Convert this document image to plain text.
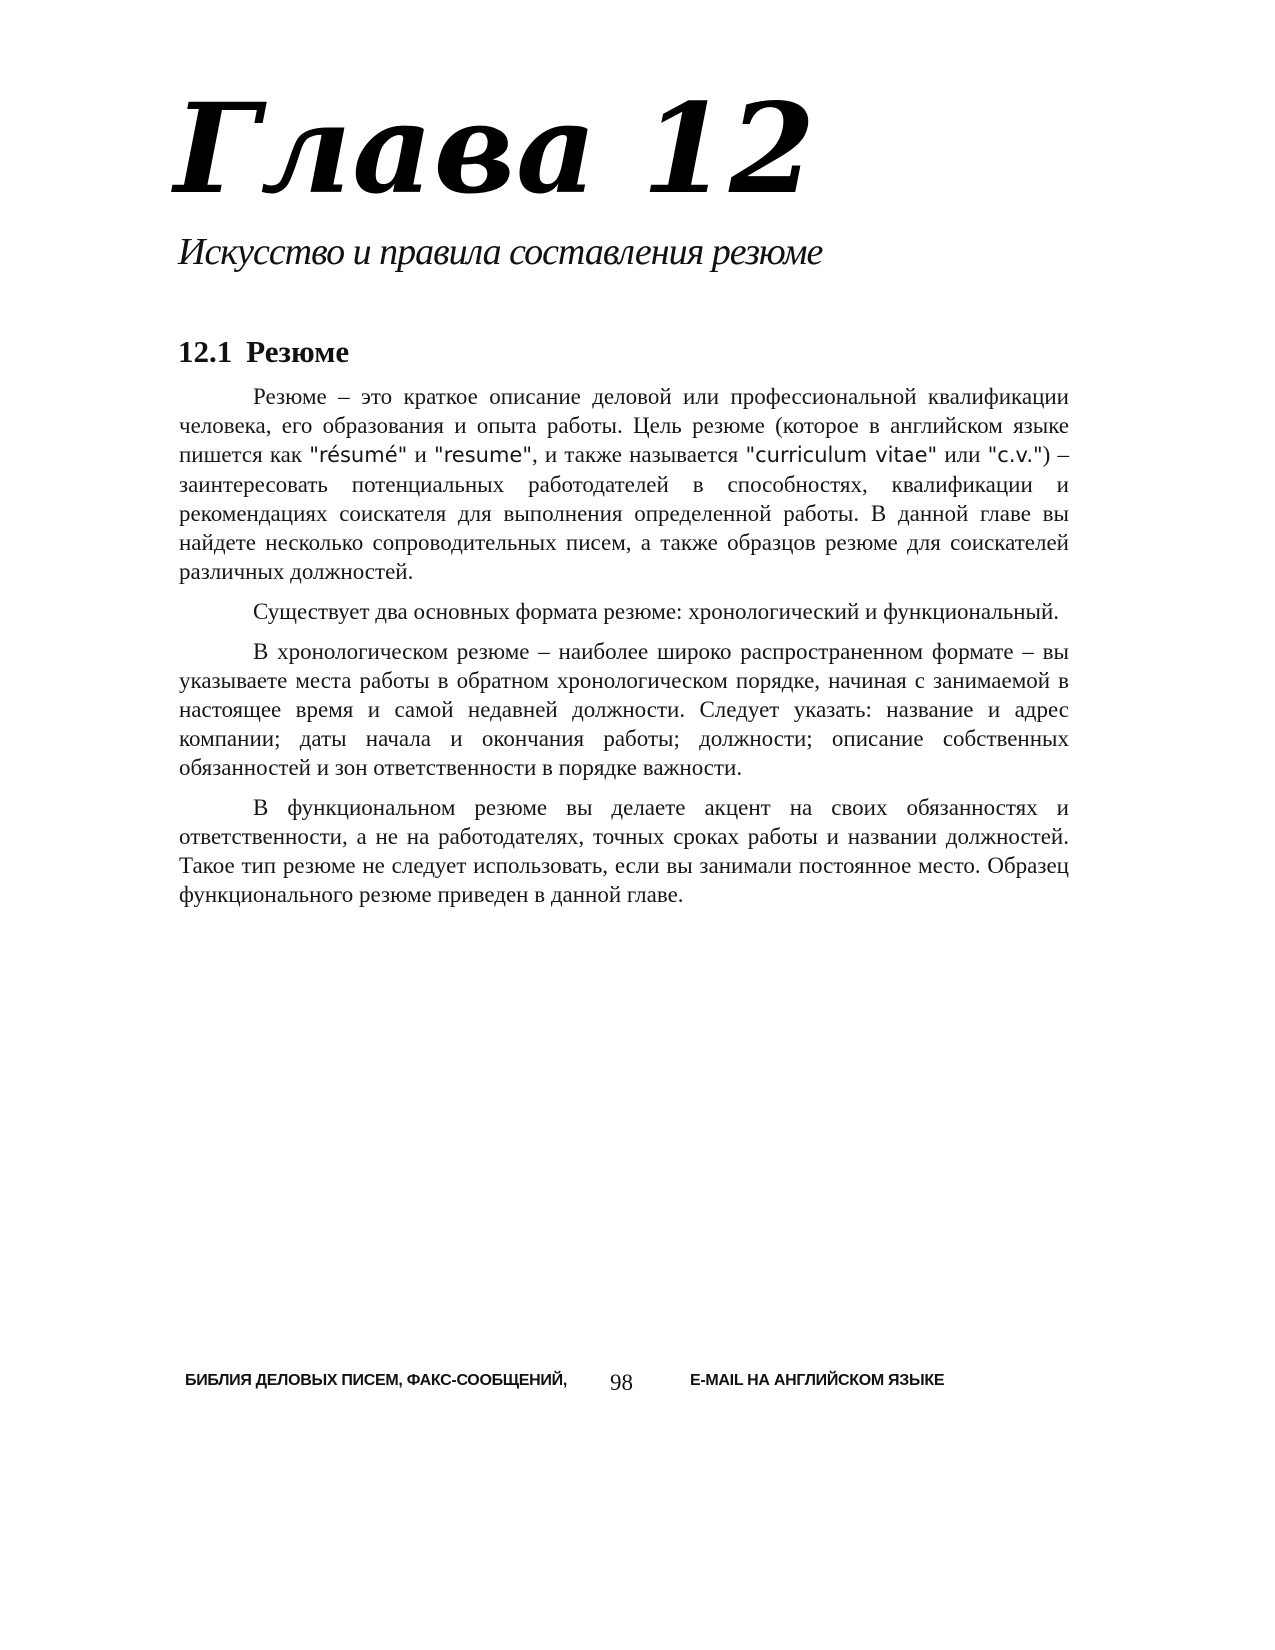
Глава 12
Искусство и правила составления резюме
12.1 Резюме

Резюме – это краткое описание деловой или профессиональной квалификации человека, его образования и опыта работы. Цель резюме (которое в английском языке пишется как "résumé" и "resume", и также называется "curriculum vitae" или "c.v.") – заинтересовать потенциальных работодателей в способностях, квалификации и рекомендациях соискателя для выполнения определенной работы. В данной главе вы найдете несколько сопроводительных писем, а также образцов резюме для соискателей различных должностей.

Существует два основных формата резюме: хронологический и функциональный.

В хронологическом резюме – наиболее широко распространенном формате – вы указываете места работы в обратном хронологическом порядке, начиная с занимаемой в настоящее время и самой недавней должности. Следует указать: название и адрес компании; даты начала и окончания работы; должности; описание собственных обязанностей и зон ответственности в порядке важности.

В функциональном резюме вы делаете акцент на своих обязанностях и ответственности, а не на работодателях, точных сроках работы и названии должностей. Такое тип резюме не следует использовать, если вы занимали постоянное место. Образец функционального резюме приведен в данной главе.

БИБЛИЯ ДЕЛОВЫХ ПИСЕМ, ФАКС-СООБЩЕНИЙ, 98	E-MAIL НА АНГЛИЙСКОМ ЯЗЫКЕ
